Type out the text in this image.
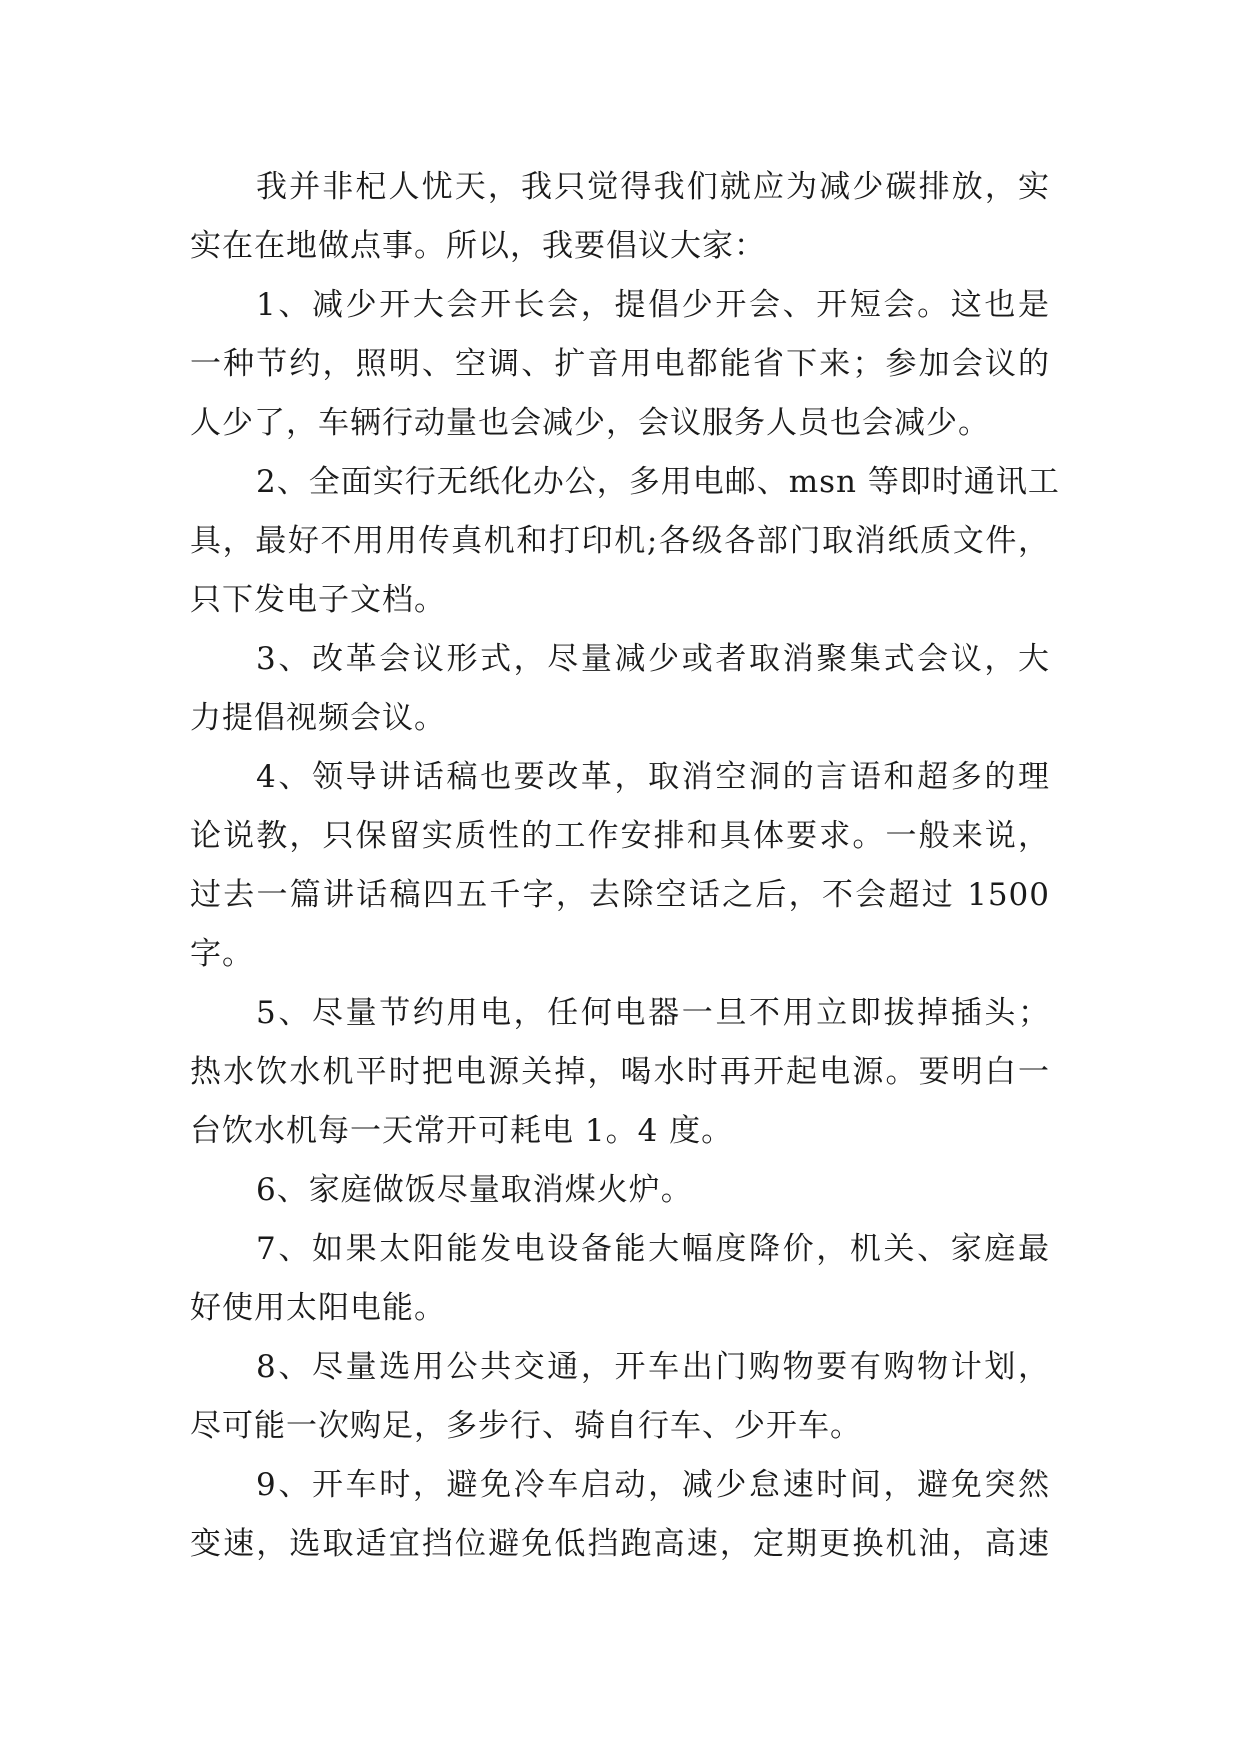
我并非杞人忧天，我只觉得我们就应为减少碳排放，实
实在在地做点事。所以，我要倡议大家：
1、减少开大会开长会，提倡少开会、开短会。这也是
一种节约，照明、空调、扩音用电都能省下来；参加会议的
人少了，车辆行动量也会减少，会议服务人员也会减少。
2、全面实行无纸化办公，多用电邮、msn 等即时通讯工
具，最好不用用传真机和打印机;各级各部门取消纸质文件，
只下发电子文档。
3、改革会议形式，尽量减少或者取消聚集式会议，大
力提倡视频会议。
4、领导讲话稿也要改革，取消空洞的言语和超多的理
论说教，只保留实质性的工作安排和具体要求。一般来说，
过去一篇讲话稿四五千字，去除空话之后，不会超过 1500
字。
5、尽量节约用电，任何电器一旦不用立即拔掉插头；
热水饮水机平时把电源关掉，喝水时再开起电源。要明白一
台饮水机每一天常开可耗电 1。4 度。
6、家庭做饭尽量取消煤火炉。
7、如果太阳能发电设备能大幅度降价，机关、家庭最
好使用太阳电能。
8、尽量选用公共交通，开车出门购物要有购物计划，
尽可能一次购足，多步行、骑自行车、少开车。
9、开车时，避免冷车启动，减少怠速时间，避免突然
变速，选取适宜挡位避免低挡跑高速，定期更换机油，高速
